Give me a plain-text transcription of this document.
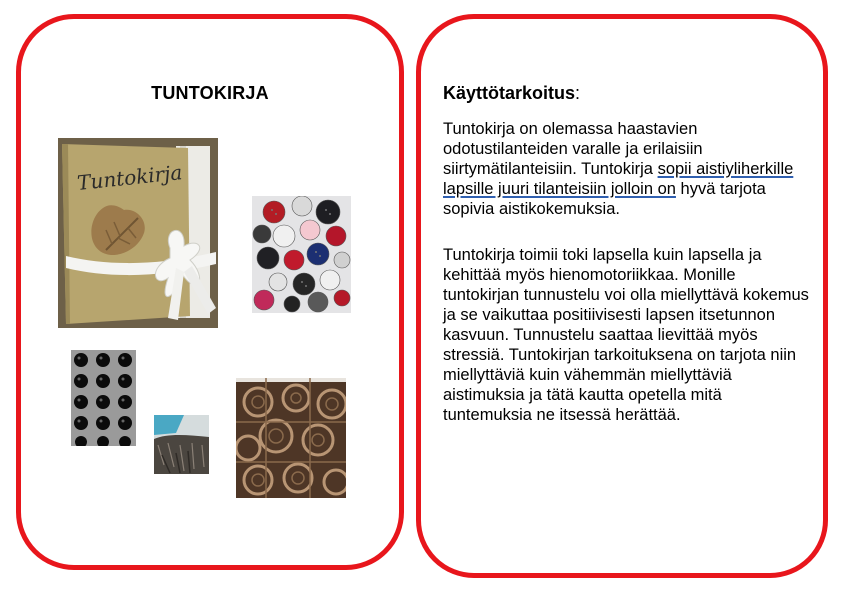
TUNTOKIRJA
Tuntokirja
Käyttötarkoitus:

Tuntokirja on olemassa haastavien odotustilanteiden varalle ja erilaisiin siirtymätilanteisiin. Tuntokirja sopii aistiyliherkille lapsille juuri tilanteisiin jolloin on hyvä tarjota sopivia aistikokemuksia.

Tuntokirja toimii toki lapsella kuin lapsella ja kehittää myös hienomotoriikkaa. Monille tuntokirjan tunnustelu voi olla miellyttävä kokemus ja se vaikuttaa positiivisesti lapsen itsetunnon kasvuun. Tunnustelu saattaa lievittää myös stressiä. Tuntokirjan tarkoituksena on tarjota niin miellyttäviä kuin vähemmän miellyttäviä aistimuksia ja tätä kautta opetella mitä tuntemuksia ne itsessä herättää.
